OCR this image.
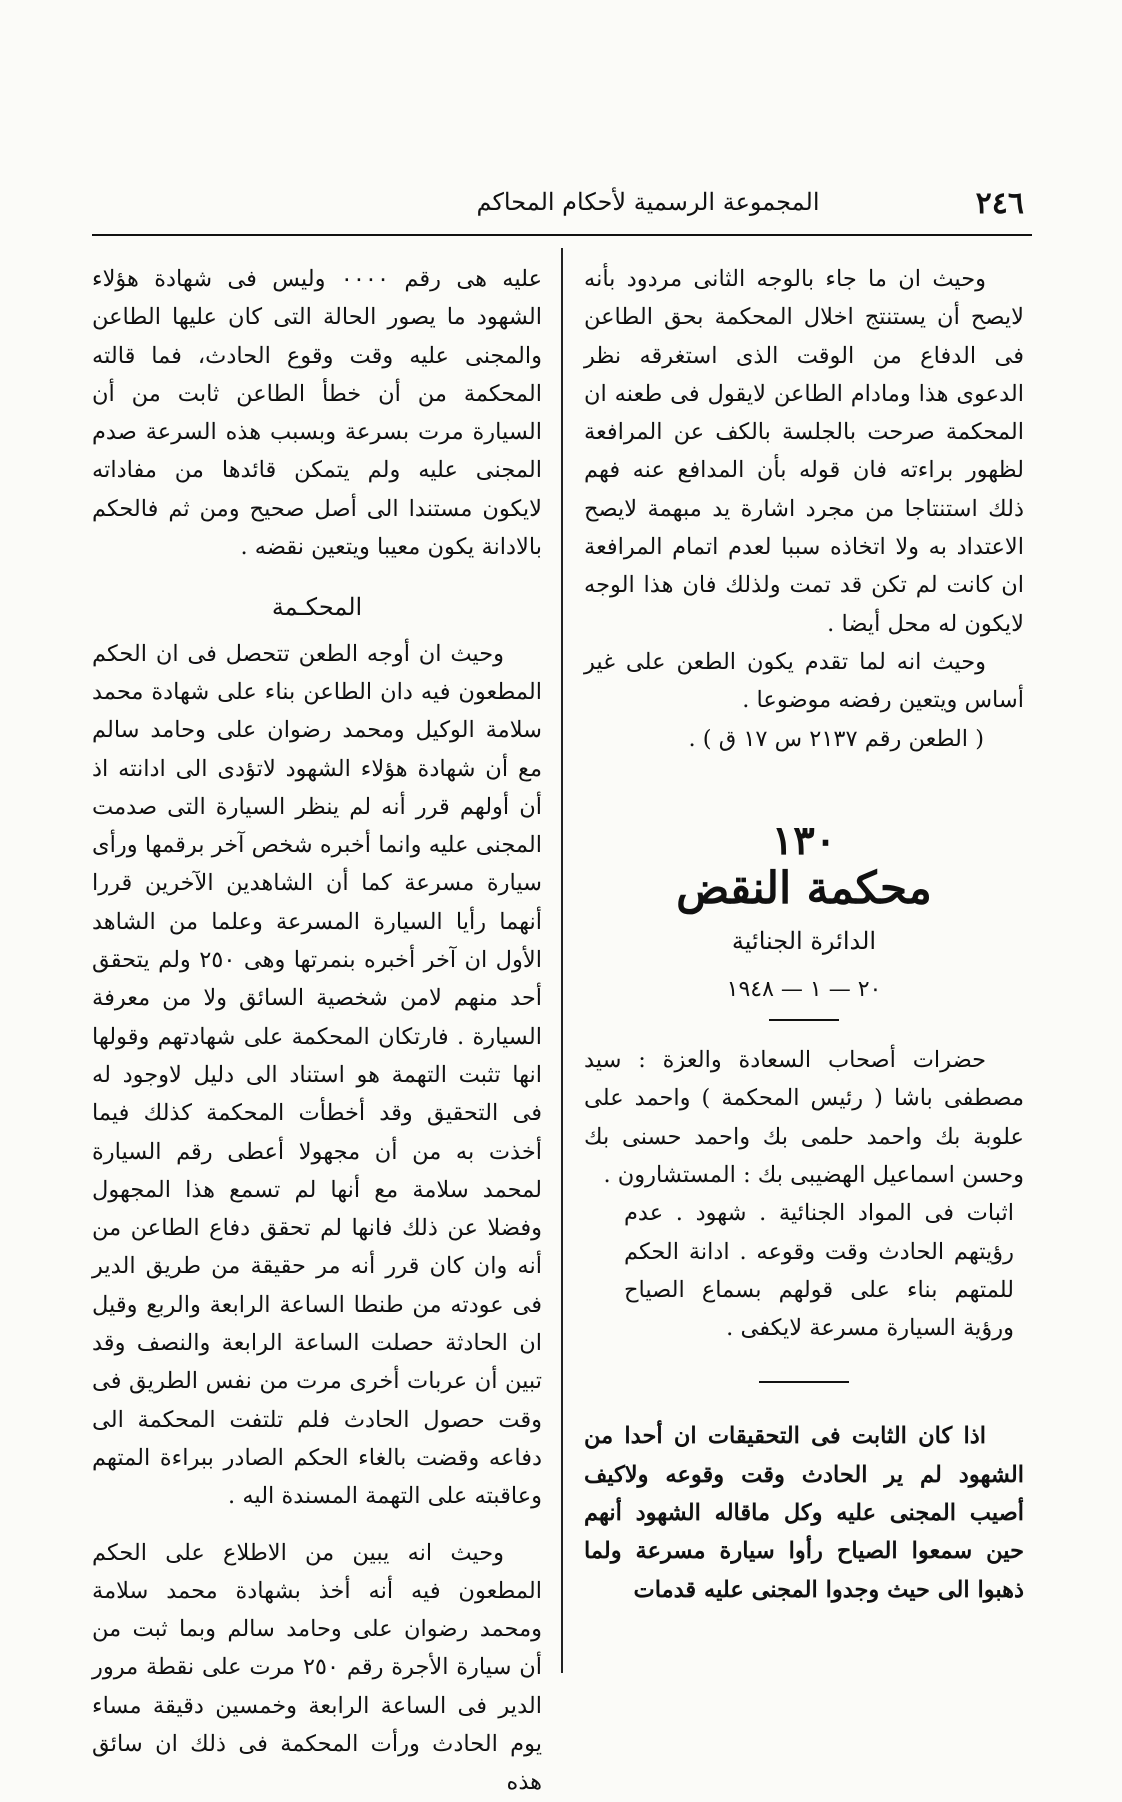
٢٤٦
المجموعة الرسمية لأحكام المحاكم

وحيث ان ما جاء بالوجه الثانى مردود بأنه لايصح أن يستنتج اخلال المحكمة بحق الطاعن فى الدفاع من الوقت الذى استغرقه نظر الدعوى هذا ومادام الطاعن لايقول فى طعنه ان المحكمة صرحت بالجلسة بالكف عن المرافعة لظهور براءته فان قوله بأن المدافع عنه فهم ذلك استنتاجا من مجرد اشارة يد مبهمة لايصح الاعتداد به ولا اتخاذه سببا لعدم اتمام المرافعة ان كانت لم تكن قد تمت ولذلك فان هذا الوجه لايكون له محل أيضا .

وحيث انه لما تقدم يكون الطعن على غير أساس ويتعين رفضه موضوعا .

( الطعن رقم ٢١٣٧ س ١٧ ق ) .

١٣٠
محكمة النقض
الدائرة الجنائية
٢٠ — ١ — ١٩٤٨

حضرات أصحاب السعادة والعزة : سيد مصطفى باشا ( رئيس المحكمة ) واحمد على علوبة بك واحمد حلمى بك واحمد حسنى بك وحسن اسماعيل الهضيبى بك : المستشارون .

اثبات فى المواد الجنائية . شهود . عدم رؤيتهم الحادث وقت وقوعه . ادانة الحكم للمتهم بناء على قولهم بسماع الصياح ورؤية السيارة مسرعة لايكفى .

اذا كان الثابت فى التحقيقات ان أحدا من الشهود لم ير الحادث وقت وقوعه ولاكيف أصيب المجنى عليه وكل ماقاله الشهود أنهم حين سمعوا الصياح رأوا سيارة مسرعة ولما ذهبوا الى حيث وجدوا المجنى عليه قدمات

عليه هى رقم ٠٠٠٠ وليس فى شهادة هؤلاء الشهود ما يصور الحالة التى كان عليها الطاعن والمجنى عليه وقت وقوع الحادث، فما قالته المحكمة من أن خطأ الطاعن ثابت من أن السيارة مرت بسرعة وبسبب هذه السرعة صدم المجنى عليه ولم يتمكن قائدها من مفاداته لايكون مستندا الى أصل صحيح ومن ثم فالحكم بالادانة يكون معيبا ويتعين نقضه .

المحكـمة

وحيث ان أوجه الطعن تتحصل فى ان الحكم المطعون فيه دان الطاعن بناء على شهادة محمد سلامة الوكيل ومحمد رضوان على وحامد سالم مع أن شهادة هؤلاء الشهود لاتؤدى الى ادانته اذ أن أولهم قرر أنه لم ينظر السيارة التى صدمت المجنى عليه وانما أخبره شخص آخر برقمها ورأى سيارة مسرعة كما أن الشاهدين الآخرين قررا أنهما رأيا السيارة المسرعة وعلما من الشاهد الأول ان آخر أخبره بنمرتها وهى ٢٥٠ ولم يتحقق أحد منهم لامن شخصية السائق ولا من معرفة السيارة . فارتكان المحكمة على شهادتهم وقولها انها تثبت التهمة هو استناد الى دليل لاوجود له فى التحقيق وقد أخطأت المحكمة كذلك فيما أخذت به من أن مجهولا أعطى رقم السيارة لمحمد سلامة مع أنها لم تسمع هذا المجهول وفضلا عن ذلك فانها لم تحقق دفاع الطاعن من أنه وان كان قرر أنه مر حقيقة من طريق الدير فى عودته من طنطا الساعة الرابعة والربع وقيل ان الحادثة حصلت الساعة الرابعة والنصف وقد تبين أن عربات أخرى مرت من نفس الطريق فى وقت حصول الحادث فلم تلتفت المحكمة الى دفاعه وقضت بالغاء الحكم الصادر ببراءة المتهم وعاقبته على التهمة المسندة اليه .

وحيث انه يبين من الاطلاع على الحكم المطعون فيه أنه أخذ بشهادة محمد سلامة ومحمد رضوان على وحامد سالم وبما ثبت من أن سيارة الأجرة رقم ٢٥٠ مرت على نقطة مرور الدير فى الساعة الرابعة وخمسين دقيقة مساء يوم الحادث ورأت المحكمة فى ذلك ان سائق هذه
